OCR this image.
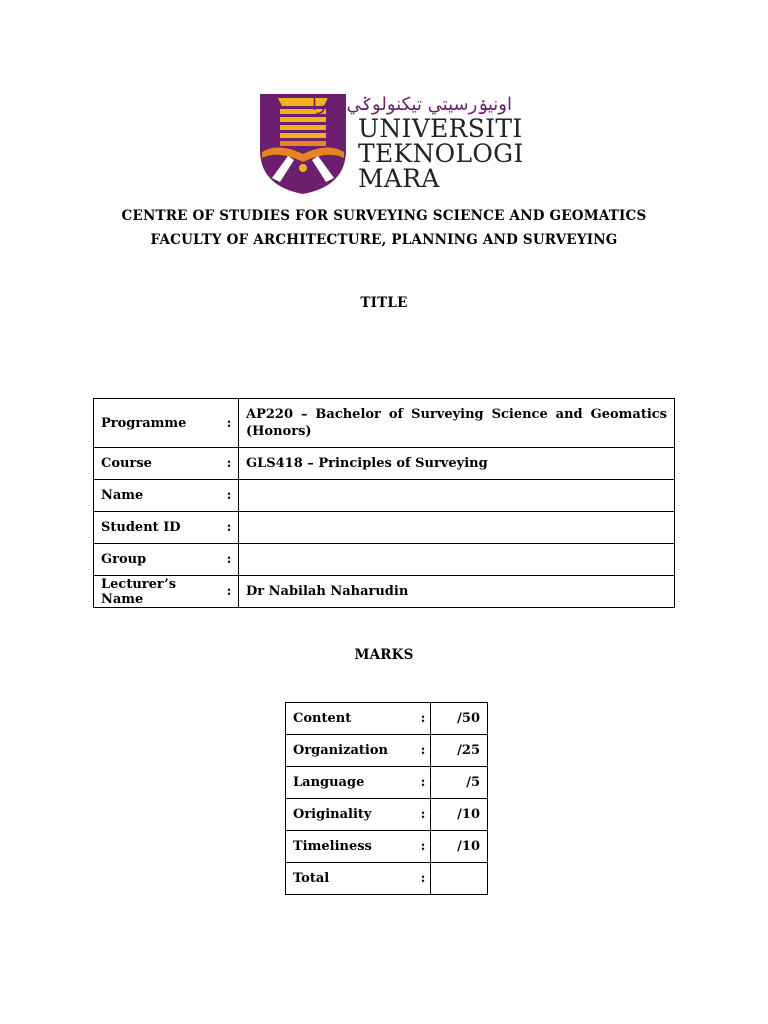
اونيۏرسيتي تيکنولوݢي مارا
UNIVERSITI
TEKNOLOGI
MARA
CENTRE OF STUDIES FOR SURVEYING SCIENCE AND GEOMATICS
FACULTY OF ARCHITECTURE, PLANNING AND SURVEYING
TITLE
Programme	:	AP220 – Bachelor of Surveying Science and Geomatics (Honors)
Course	:	GLS418 – Principles of Surveying
Name	:	
Student ID	:	
Group	:	
Lecturer’s Name	:	Dr Nabilah Naharudin
MARKS
Content	:	/50
Organization	:	/25
Language	:	/5
Originality	:	/10
Timeliness	:	/10
Total	:	
